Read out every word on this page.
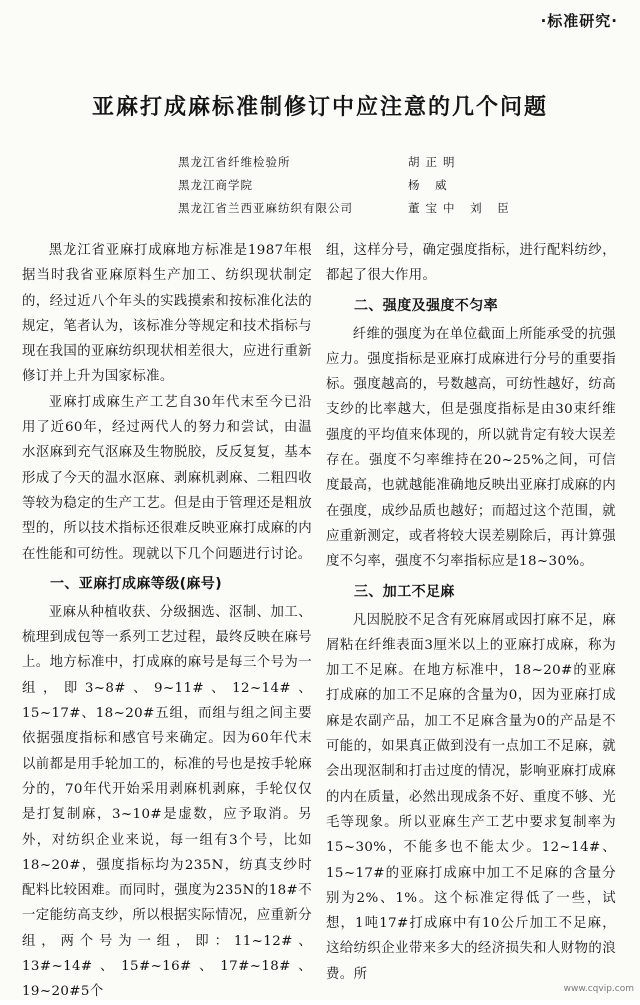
·标准研究·
亚麻打成麻标准制修订中应注意的几个问题
黑龙江省纤维检验所	胡正明
黑龙江商学院	杨 威
黑龙江省兰西亚麻纺织有限公司	董宝中 刘 臣

黑龙江省亚麻打成麻地方标准是1987年根据当时我省亚麻原料生产加工、纺织现状制定的，经过近八个年头的实践摸索和按标准化法的规定，笔者认为，该标准分等规定和技术指标与现在我国的亚麻纺织现状相差很大，应进行重新修订并上升为国家标准。

亚麻打成麻生产工艺自30年代末至今已沿用了近60年，经过两代人的努力和尝试，由温水沤麻到充气沤麻及生物脱胶，反反复复，基本形成了今天的温水沤麻、剥麻机剥麻、二粗四收等较为稳定的生产工艺。但是由于管理还是粗放型的，所以技术指标还很难反映亚麻打成麻的内在性能和可纺性。现就以下几个问题进行讨论。

一、亚麻打成麻等级(麻号)

亚麻从种植收获、分级捆选、沤制、加工、梳理到成包等一系列工艺过程，最终反映在麻号上。地方标准中，打成麻的麻号是每三个号为一组，即3~8#、9~11#、12~14#、15~17#、18~20#五组，而组与组之间主要依据强度指标和感官号来确定。因为60年代末以前都是用手轮加工的，标准的号也是按手轮麻分的，70年代开始采用剥麻机剥麻，手轮仅仅是打复制麻，3~10#是虚数，应予取消。另外，对纺织企业来说，每一组有3个号，比如18~20#，强度指标均为235N，纺真支纱时配料比较困难。而同时，强度为235N的18#不一定能纺高支纱，所以根据实际情况，应重新分组，两个号为一组，即：11~12#、13#~14#、15#~16#、17#~18#、19~20#5个

组，这样分号，确定强度指标，进行配料纺纱，都起了很大作用。

二、强度及强度不匀率

纤维的强度为在单位截面上所能承受的抗强应力。强度指标是亚麻打成麻进行分号的重要指标。强度越高的，号数越高，可纺性越好，纺高支纱的比率越大，但是强度指标是由30束纤维强度的平均值来体现的，所以就肯定有较大误差存在。强度不匀率维持在20~25%之间，可信度最高，也就越能准确地反映出亚麻打成麻的内在强度，成纱品质也越好；而超过这个范围，就应重新测定，或者将较大误差剔除后，再计算强度不匀率，强度不匀率指标应是18~30%。

三、加工不足麻

凡因脱胶不足含有死麻屑或因打麻不足，麻屑粘在纤维表面3厘米以上的亚麻打成麻，称为加工不足麻。在地方标准中，18~20#的亚麻打成麻的加工不足麻的含量为0，因为亚麻打成麻是农副产品，加工不足麻含量为0的产品是不可能的，如果真正做到没有一点加工不足麻，就会出现沤制和打击过度的情况，影响亚麻打成麻的内在质量，必然出现成条不好、重度不够、光毛等现象。所以亚麻生产工艺中要求复制率为15~30%，不能多也不能太少。12~14#、15~17#的亚麻打成麻中加工不足麻的含量分别为2%、1%。这个标准定得低了一些，试想，1吨17#打成麻中有10公斤加工不足麻，这给纺织企业带来多大的经济损失和人财物的浪费。所

www.cqvip.com
